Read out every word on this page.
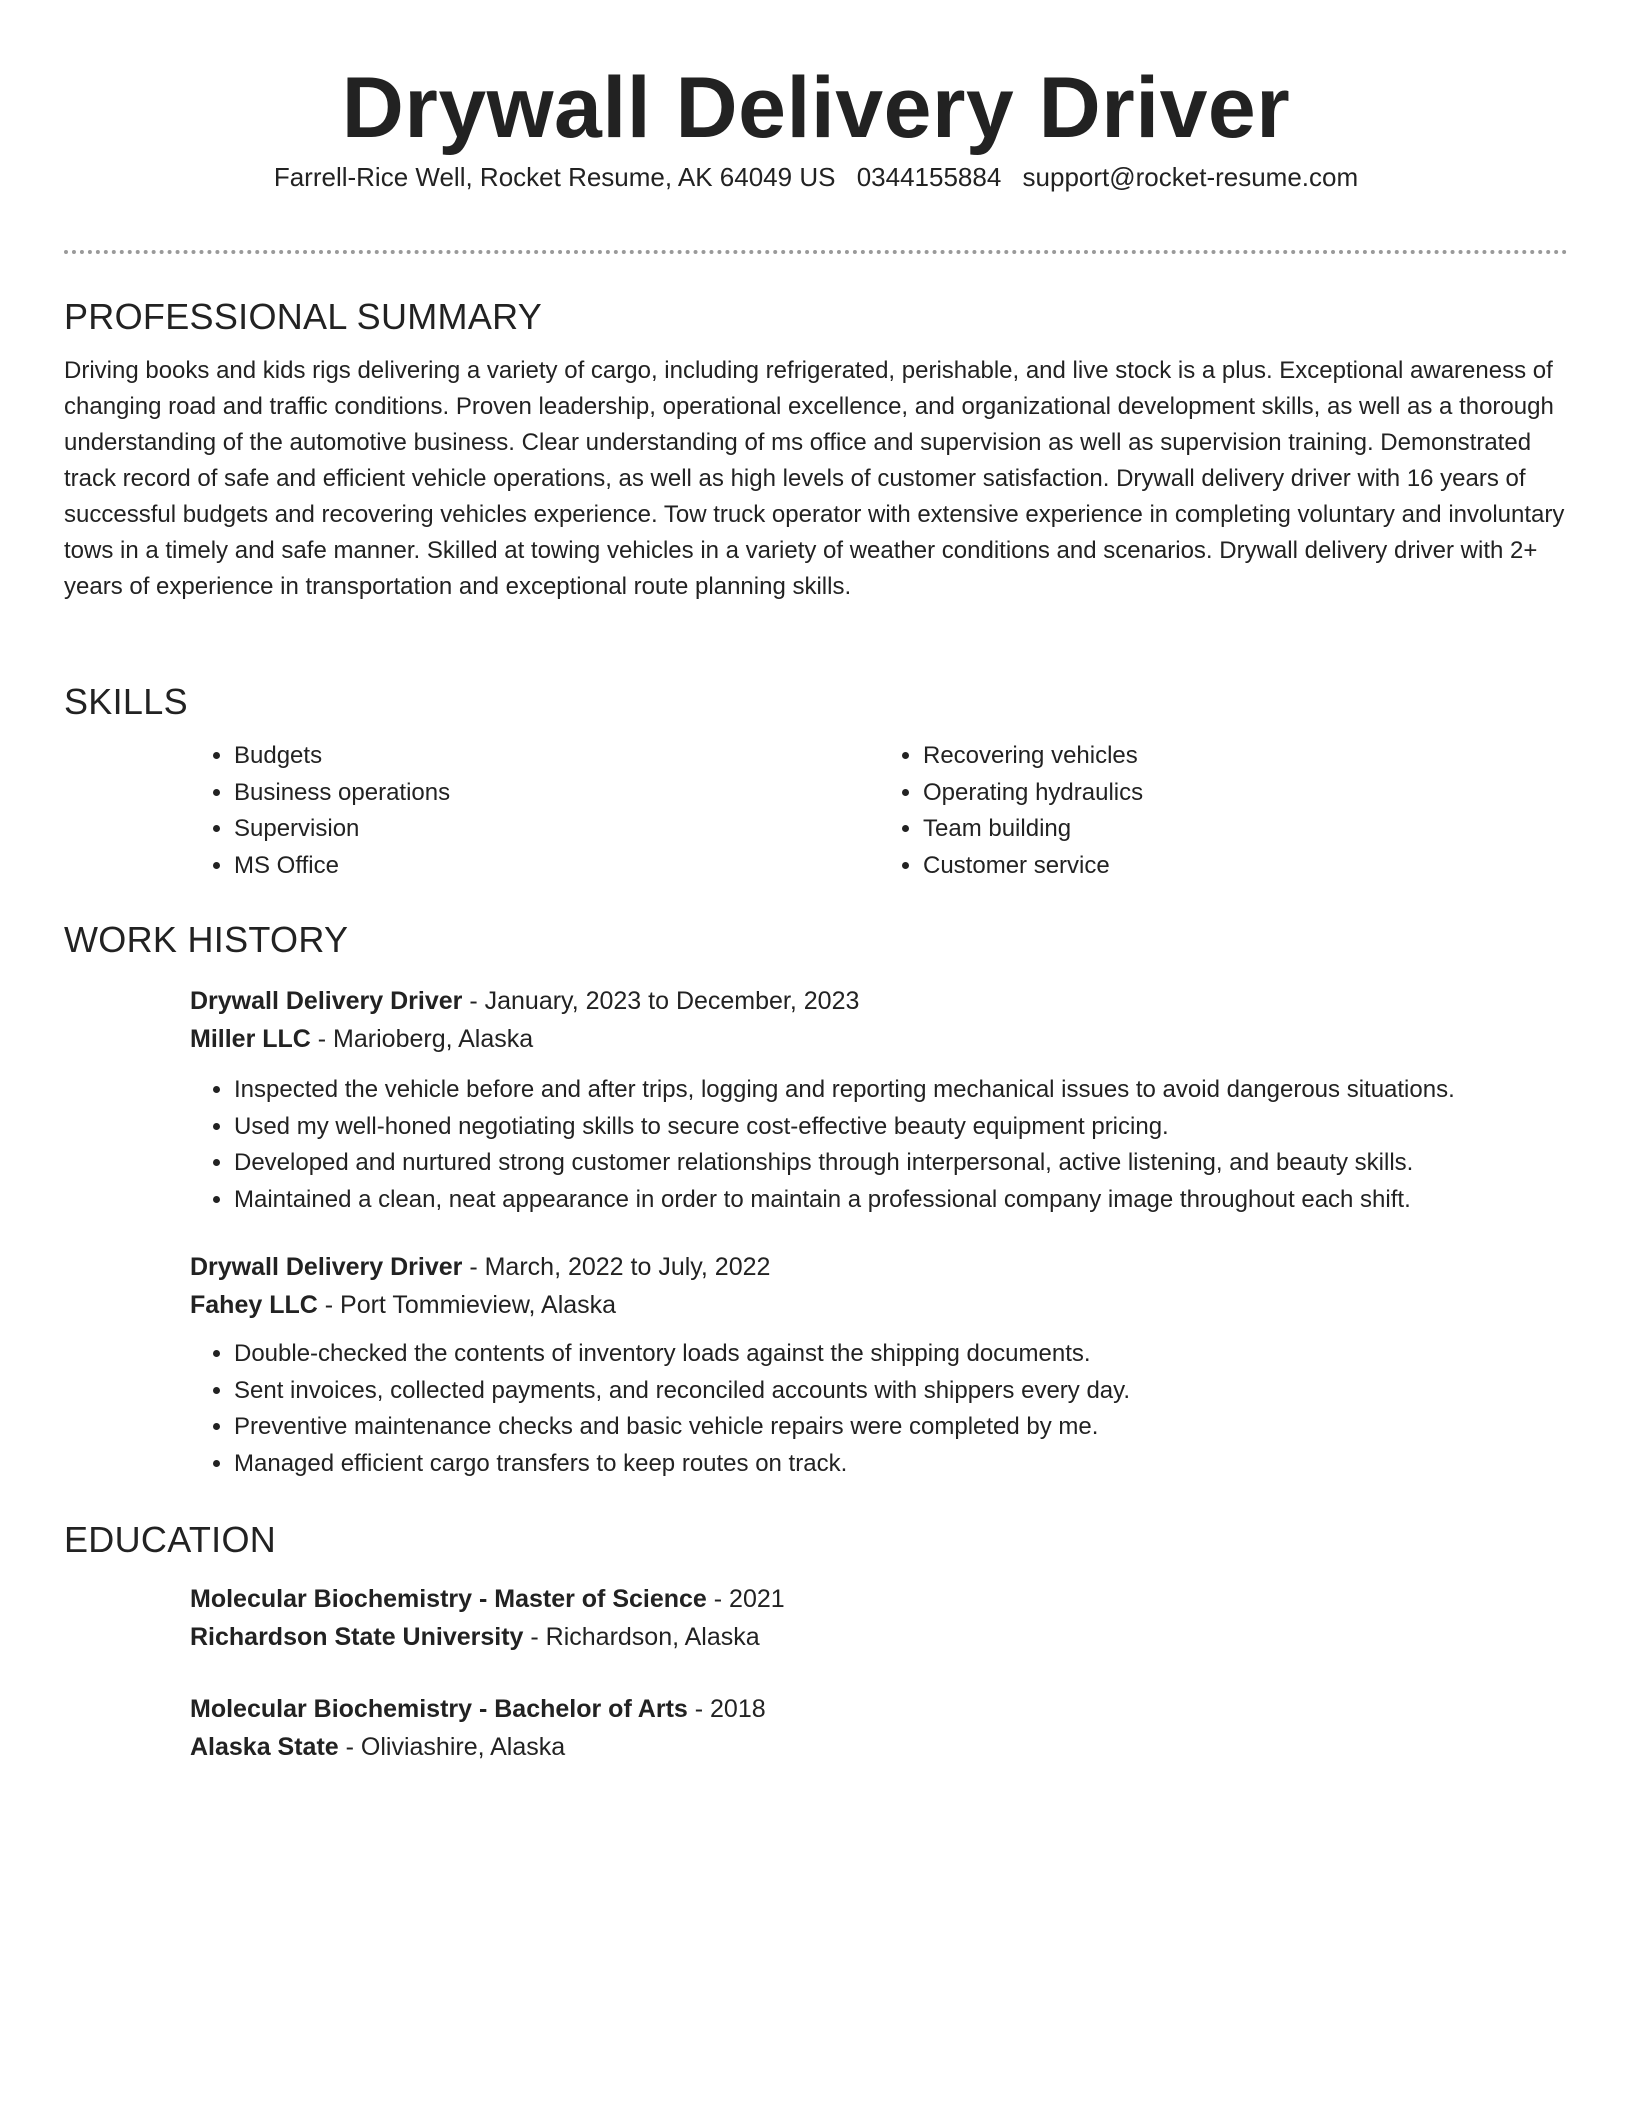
Drywall Delivery Driver
Farrell-Rice Well, Rocket Resume, AK 64049 US 0344155884 support@rocket-resume.com
PROFESSIONAL SUMMARY

Driving books and kids rigs delivering a variety of cargo, including refrigerated, perishable, and live stock is a plus. Exceptional awareness of changing road and traffic conditions. Proven leadership, operational excellence, and organizational development skills, as well as a thorough understanding of the automotive business. Clear understanding of ms office and supervision as well as supervision training. Demonstrated track record of safe and efficient vehicle operations, as well as high levels of customer satisfaction. Drywall delivery driver with 16 years of successful budgets and recovering vehicles experience. Tow truck operator with extensive experience in completing voluntary and involuntary tows in a timely and safe manner. Skilled at towing vehicles in a variety of weather conditions and scenarios. Drywall delivery driver with 2+ years of experience in transportation and exceptional route planning skills.

SKILLS
• Budgets
• Business operations
• Supervision
• MS Office
• Recovering vehicles
• Operating hydraulics
• Team building
• Customer service
WORK HISTORY

Drywall Delivery Driver - January, 2023 to December, 2023

Miller LLC - Marioberg, Alaska

• Inspected the vehicle before and after trips, logging and reporting mechanical issues to avoid dangerous situations.
• Used my well-honed negotiating skills to secure cost-effective beauty equipment pricing.
• Developed and nurtured strong customer relationships through interpersonal, active listening, and beauty skills.
• Maintained a clean, neat appearance in order to maintain a professional company image throughout each shift.

Drywall Delivery Driver - March, 2022 to July, 2022

Fahey LLC - Port Tommieview, Alaska

• Double-checked the contents of inventory loads against the shipping documents.
• Sent invoices, collected payments, and reconciled accounts with shippers every day.
• Preventive maintenance checks and basic vehicle repairs were completed by me.
• Managed efficient cargo transfers to keep routes on track.
EDUCATION

Molecular Biochemistry - Master of Science - 2021

Richardson State University - Richardson, Alaska

Molecular Biochemistry - Bachelor of Arts - 2018

Alaska State - Oliviashire, Alaska
